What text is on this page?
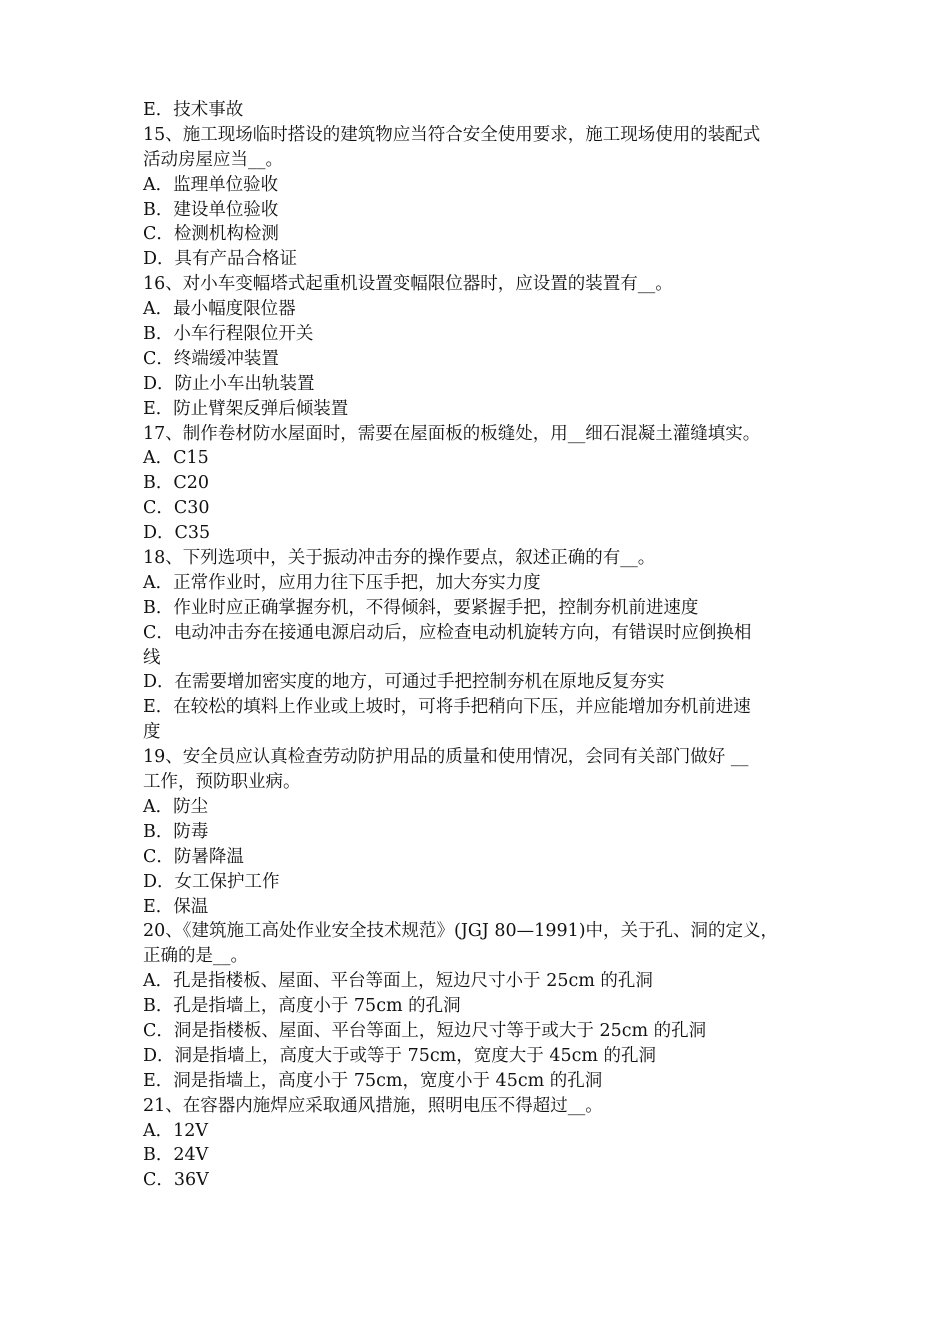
E．技术事故
15、施工现场临时搭设的建筑物应当符合安全使用要求，施工现场使用的装配式
活动房屋应当__。
A．监理单位验收
B．建设单位验收
C．检测机构检测
D．具有产品合格证
16、对小车变幅塔式起重机设置变幅限位器时，应设置的装置有__。
A．最小幅度限位器
B．小车行程限位开关
C．终端缓冲装置
D．防止小车出轨装置
E．防止臂架反弹后倾装置
17、制作卷材防水屋面时，需要在屋面板的板缝处，用__细石混凝土灌缝填实。
A．C15
B．C20
C．C30
D．C35
18、下列选项中，关于振动冲击夯的操作要点，叙述正确的有__。
A．正常作业时，应用力往下压手把，加大夯实力度
B．作业时应正确掌握夯机，不得倾斜，要紧握手把，控制夯机前进速度
C．电动冲击夯在接通电源启动后，应检查电动机旋转方向，有错误时应倒换相
线
D．在需要增加密实度的地方，可通过手把控制夯机在原地反复夯实
E．在较松的填料上作业或上坡时，可将手把稍向下压，并应能增加夯机前进速
度
19、安全员应认真检查劳动防护用品的质量和使用情况，会同有关部门做好 __
工作，预防职业病。
A．防尘
B．防毒
C．防暑降温
D．女工保护工作
E．保温
20、《建筑施工高处作业安全技术规范》(JGJ 80—1991)中，关于孔、洞的定义，
正确的是__。
A．孔是指楼板、屋面、平台等面上，短边尺寸小于 25cm 的孔洞
B．孔是指墙上，高度小于 75cm 的孔洞
C．洞是指楼板、屋面、平台等面上，短边尺寸等于或大于 25cm 的孔洞
D．洞是指墙上，高度大于或等于 75cm，宽度大于 45cm 的孔洞
E．洞是指墙上，高度小于 75cm，宽度小于 45cm 的孔洞
21、在容器内施焊应采取通风措施，照明电压不得超过__。
A．12V
B．24V
C．36V
